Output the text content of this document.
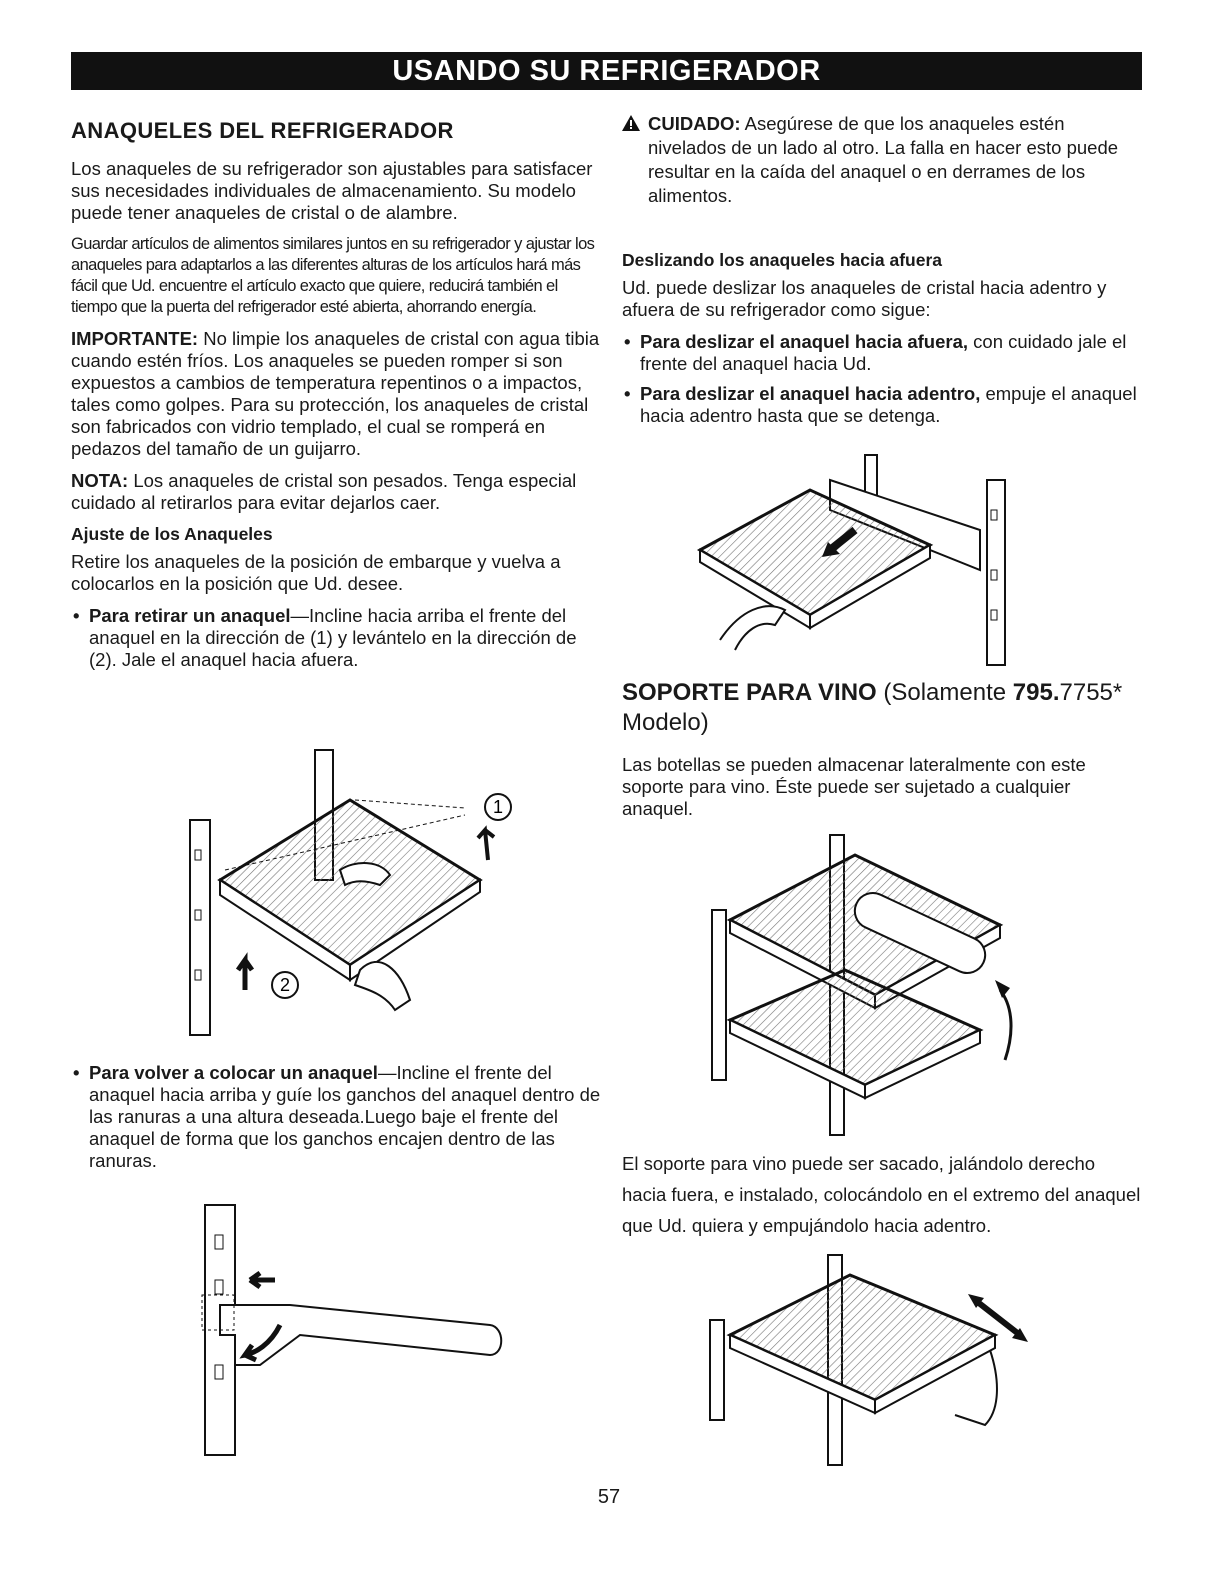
USANDO SU REFRIGERADOR
ANAQUELES DEL REFRIGERADOR

Los anaqueles de su refrigerador son ajustables para satisfacer sus necesidades individuales de almacenamiento. Su modelo puede tener anaqueles de cristal o de alambre.

Guardar artículos de alimentos similares juntos en su refrigerador y ajustar los anaqueles para adaptarlos a las diferentes alturas de los artículos hará más fácil que Ud. encuentre el artículo exacto que quiere, reducirá también el tiempo que la puerta del refrigerador esté abierta, ahorrando energía.

IMPORTANTE: No limpie los anaqueles de cristal con agua tibia cuando estén fríos. Los anaqueles se pueden romper si son expuestos a cambios de temperatura repentinos o a impactos, tales como golpes. Para su protección, los anaqueles de cristal son fabricados con vidrio templado, el cual se romperá en pedazos del tamaño de un guijarro.

NOTA: Los anaqueles de cristal son pesados. Tenga especial cuidado al retirarlos para evitar dejarlos caer.

Ajuste de los Anaqueles

Retire los anaqueles de la posición de embarque y vuelva a colocarlos en la posición que Ud. desee.

• Para retirar un anaquel—Incline hacia arriba el frente del anaquel en la dirección de (1) y levántelo en la dirección de (2). Jale el anaquel hacia afuera.
1
2
• Para volver a colocar un anaquel—Incline el frente del anaquel hacia arriba y guíe los ganchos del anaquel dentro de las ranuras a una altura deseada.Luego baje el frente del anaquel de forma que los ganchos encajen dentro de las ranuras.

CUIDADO: Asegúrese de que los anaqueles estén nivelados de un lado al otro. La falla en hacer esto puede resultar en la caída del anaquel o en derrames de los alimentos.

Deslizando los anaqueles hacia afuera

Ud. puede deslizar los anaqueles de cristal hacia adentro y afuera de su refrigerador como sigue:

• Para deslizar el anaquel hacia afuera, con cuidado jale el frente del anaquel hacia Ud.
• Para deslizar el anaquel hacia adentro, empuje el anaquel hacia adentro hasta que se detenga.
SOPORTE PARA VINO (Solamente 795.7755* Modelo)

Las botellas se pueden almacenar lateralmente con este soporte para vino. Éste puede ser sujetado a cualquier anaquel.

El soporte para vino puede ser sacado, jalándolo derecho hacia fuera, e instalado, colocándolo en el extremo del anaquel que Ud. quiera y empujándolo hacia adentro.

57
